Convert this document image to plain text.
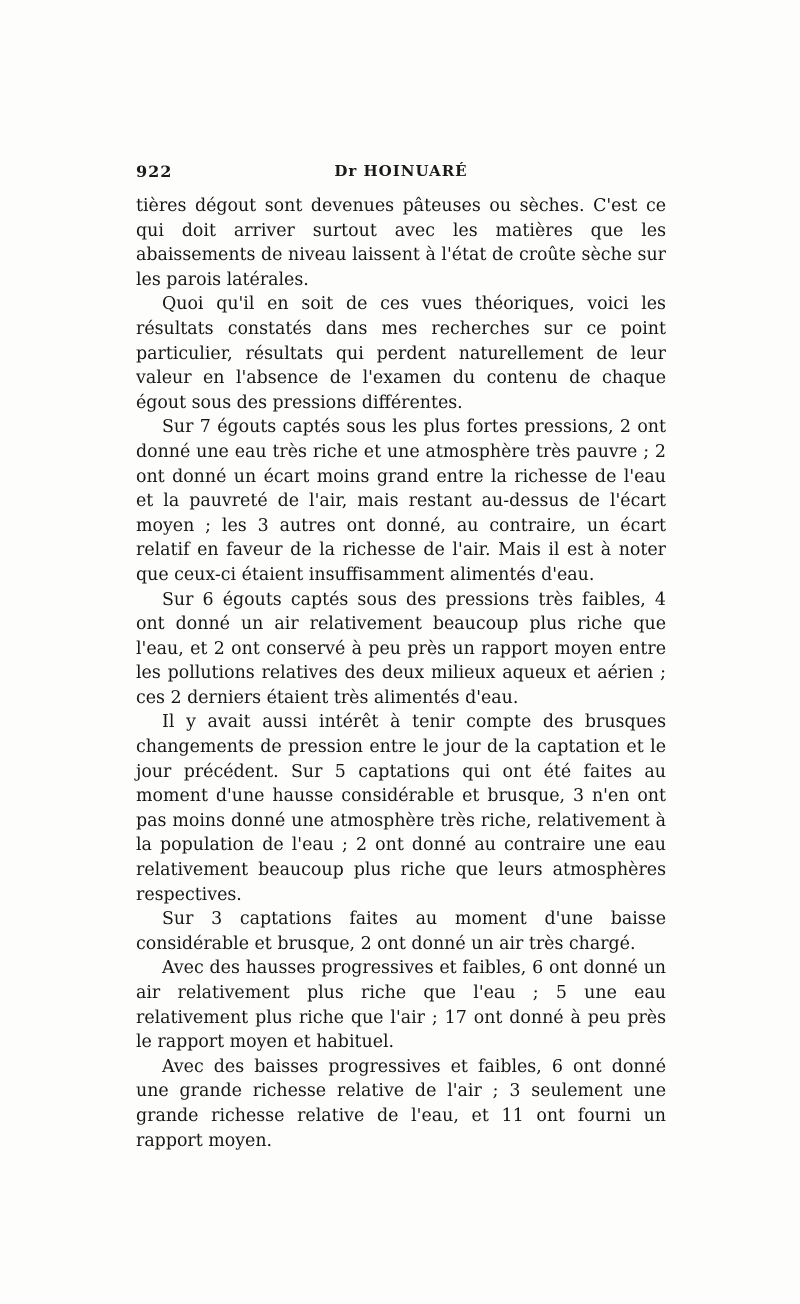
922	Dr HOINUARÉ

tières dégout sont devenues pâteuses ou sèches. C'est ce qui doit arriver surtout avec les matières que les abaissements de niveau laissent à l'état de croûte sèche sur les parois latérales.

Quoi qu'il en soit de ces vues théoriques, voici les résultats constatés dans mes recherches sur ce point particulier, résultats qui perdent naturellement de leur valeur en l'absence de l'examen du contenu de chaque égout sous des pressions différentes.

Sur 7 égouts captés sous les plus fortes pressions, 2 ont donné une eau très riche et une atmosphère très pauvre ; 2 ont donné un écart moins grand entre la richesse de l'eau et la pauvreté de l'air, mais restant au-dessus de l'écart moyen ; les 3 autres ont donné, au contraire, un écart relatif en faveur de la richesse de l'air. Mais il est à noter que ceux-ci étaient insuffisamment alimentés d'eau.

Sur 6 égouts captés sous des pressions très faibles, 4 ont donné un air relativement beaucoup plus riche que l'eau, et 2 ont conservé à peu près un rapport moyen entre les pollutions relatives des deux milieux aqueux et aérien ; ces 2 derniers étaient très alimentés d'eau.

Il y avait aussi intérêt à tenir compte des brusques changements de pression entre le jour de la captation et le jour précédent. Sur 5 captations qui ont été faites au moment d'une hausse considérable et brusque, 3 n'en ont pas moins donné une atmosphère très riche, relativement à la population de l'eau ; 2 ont donné au contraire une eau relativement beaucoup plus riche que leurs atmosphères respectives.

Sur 3 captations faites au moment d'une baisse considérable et brusque, 2 ont donné un air très chargé.

Avec des hausses progressives et faibles, 6 ont donné un air relativement plus riche que l'eau ; 5 une eau relativement plus riche que l'air ; 17 ont donné à peu près le rapport moyen et habituel.

Avec des baisses progressives et faibles, 6 ont donné une grande richesse relative de l'air ; 3 seulement une grande richesse relative de l'eau, et 11 ont fourni un rapport moyen.
